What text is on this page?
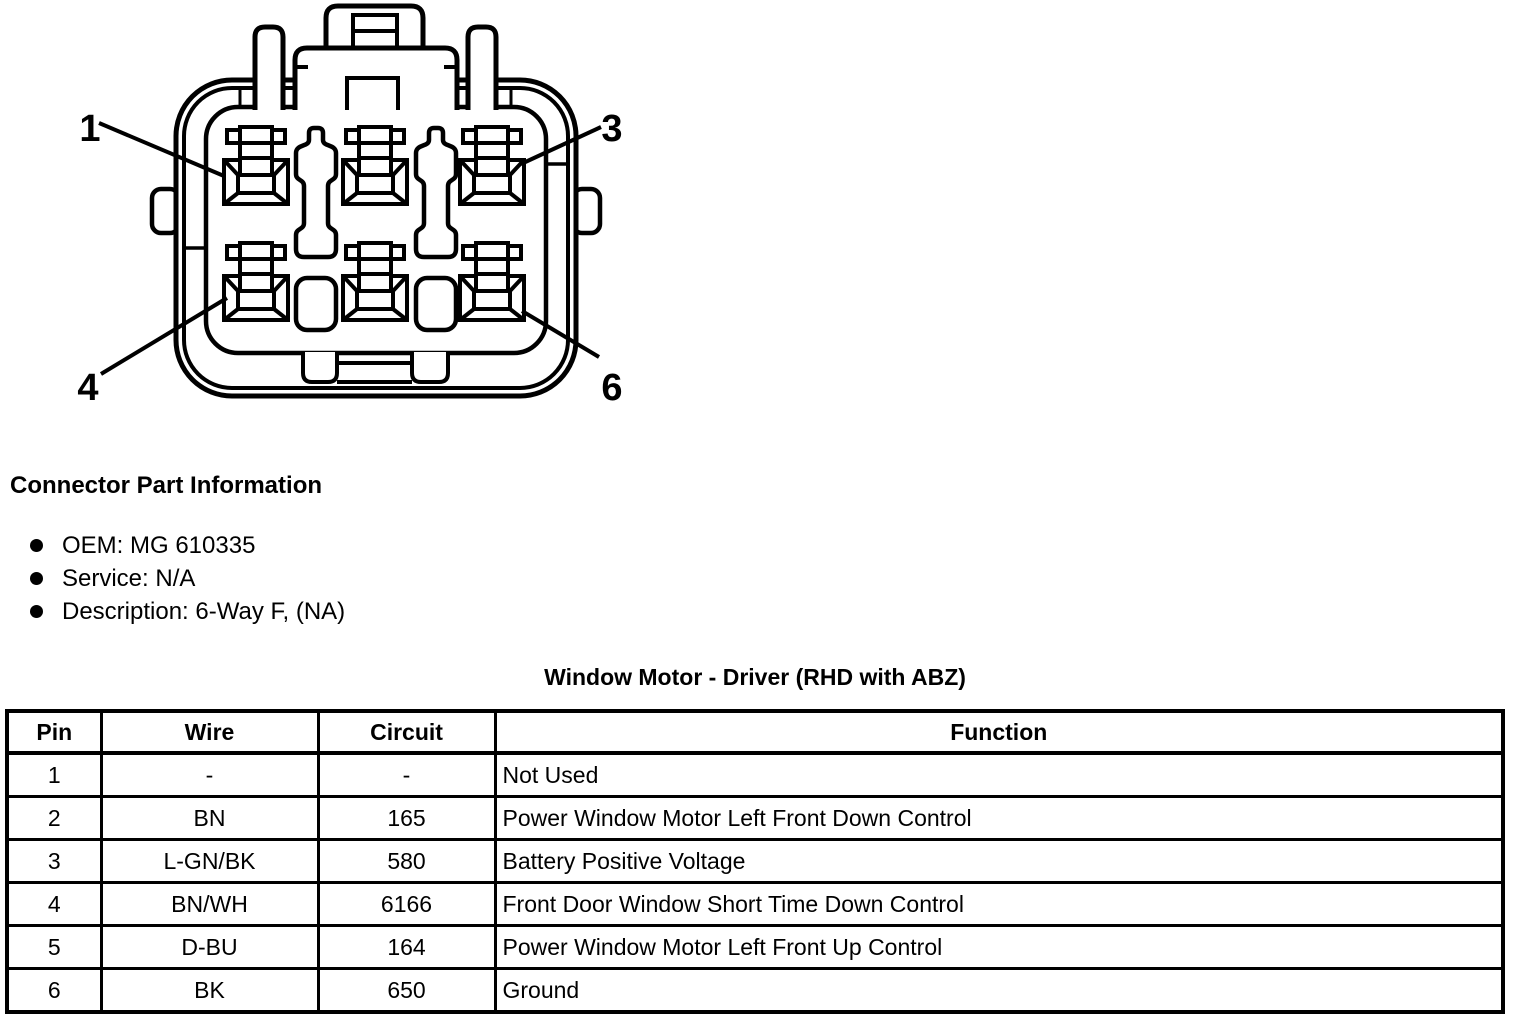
1	3
4	6
Connector Part Information
OEM: MG 610335
Service: N/A
Description: 6-Way F, (NA)

Window Motor - Driver (RHD with ABZ)

Pin	Wire	Circuit	Function
1	-	-	Not Used
2	BN	165	Power Window Motor Left Front Down Control
3	L-GN/BK	580	Battery Positive Voltage
4	BN/WH	6166	Front Door Window Short Time Down Control
5	D-BU	164	Power Window Motor Left Front Up Control
6	BK	650	Ground
